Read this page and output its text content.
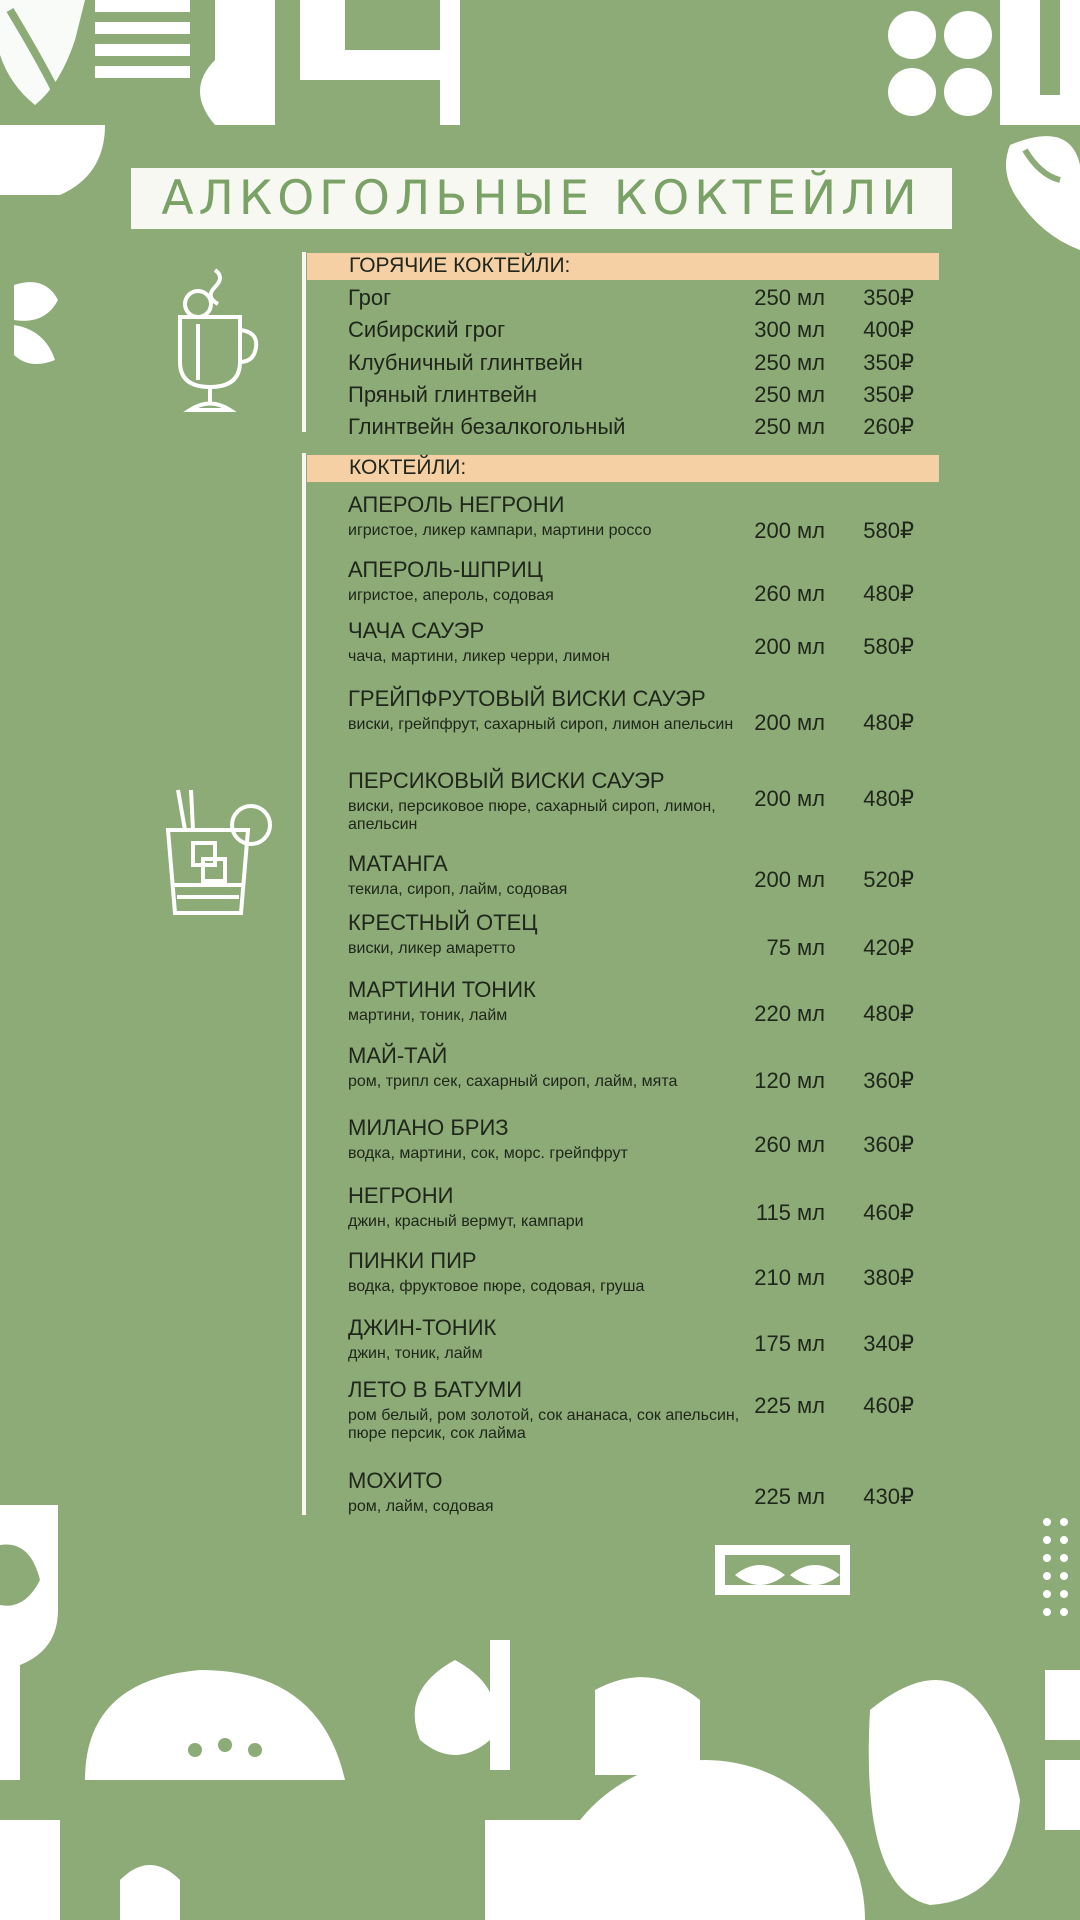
АЛКОГОЛЬНЫЕ КОКТЕЙЛИ
ГОРЯЧИЕ КОКТЕЙЛИ:
Грог	250 мл 350₽
Сибирский грог	300 мл 400₽
Клубничный глинтвейн	250 мл 350₽
Пряный глинтвейн	250 мл 350₽
Глинтвейн безалкогольный	250 мл 260₽
КОКТЕЙЛИ:
АПЕРОЛЬ НЕГРОНИ
игристое, ликер кампари, мартини россо	200 мл 580₽
АПЕРОЛЬ-ШПРИЦ
игристое, апероль, содовая	260 мл 480₽
ЧАЧА САУЭР
чача, мартини, ликер черри, лимон	200 мл 580₽
ГРЕЙПФРУТОВЫЙ ВИСКИ САУЭР
виски, грейпфрут, сахарный сироп, лимон апельсин 200 мл 480₽
ПЕРСИКОВЫЙ ВИСКИ САУЭР
виски, персиковое пюре, сахарный сироп, лимон, апельсин
200 мл 480₽
МАТАНГА
текила, сироп, лайм, содовая	200 мл 520₽
КРЕСТНЫЙ ОТЕЦ
виски, ликер амаретто	75 мл 420₽
МАРТИНИ ТОНИК
мартини, тоник, лайм	220 мл 480₽
МАЙ-ТАЙ
ром, трипл сек, сахарный сироп, лайм, мята	120 мл 360₽
МИЛАНО БРИЗ
водка, мартини, сок, морс. грейпфрут	260 мл 360₽
НЕГРОНИ
джин, красный вермут, кампари	115 мл 460₽
ПИНКИ ПИР
водка, фруктовое пюре, содовая, груша	210 мл 380₽
ДЖИН-ТОНИК
джин, тоник, лайм	175 мл 340₽
ЛЕТО В БАТУМИ
ром белый, ром золотой, сок ананаса, сок апельсин, пюре персик, сок лайма
225 мл 460₽
МОХИТО
ром, лайм, содовая	225 мл 430₽
